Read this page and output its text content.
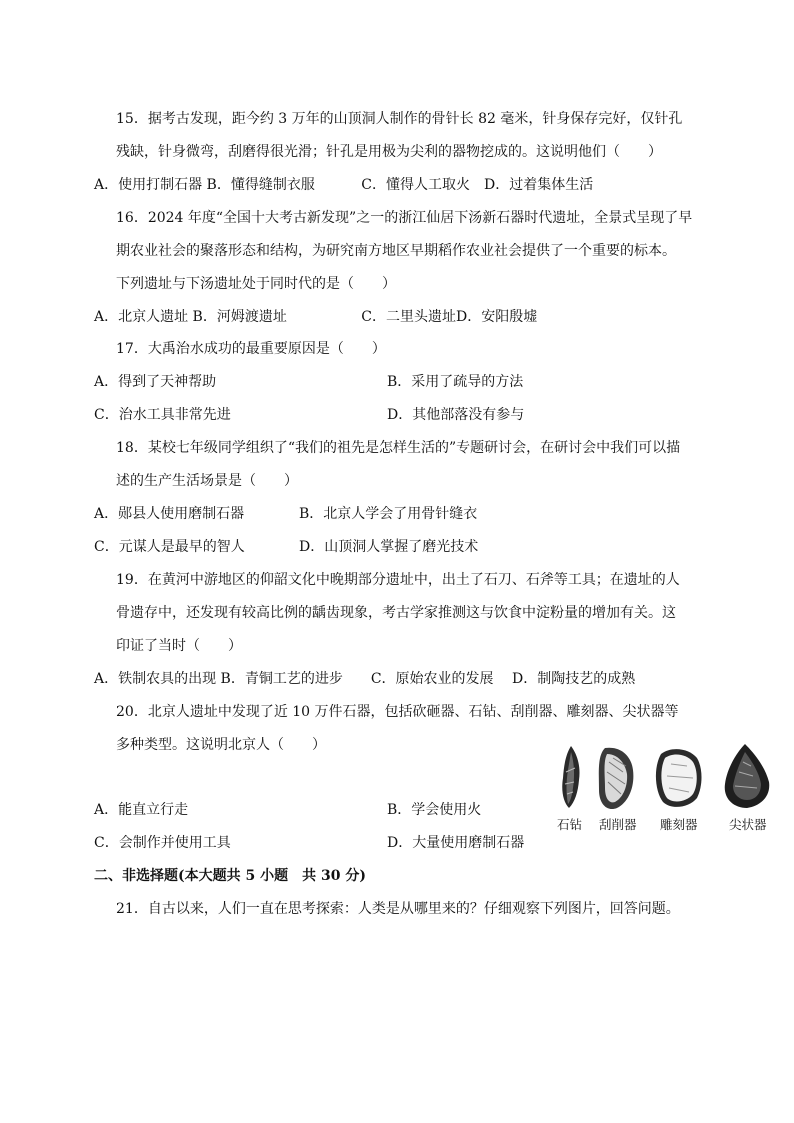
15．据考古发现，距今约 3 万年的山顶洞人制作的骨针长 82 毫米，针身保存完好，仅针孔
残缺，针身微弯，刮磨得很光滑；针孔是用极为尖利的器物挖成的。这说明他们（　　）
A．使用打制石器 B．懂得缝制衣服　　　 C．懂得人工取火　D．过着集体生活
16．2024 年度“全国十大考古新发现”之一的浙江仙居下汤新石器时代遗址，全景式呈现了早
期农业社会的聚落形态和结构，为研究南方地区早期稻作农业社会提供了一个重要的标本。
下列遗址与下汤遗址处于同时代的是（　　）
A．北京人遗址 B．河姆渡遗址　　　　　 C．二里头遗址D．安阳殷墟
17．大禹治水成功的最重要原因是（　　）
A．得到了天神帮助	B．采用了疏导的方法
C．治水工具非常先进	D．其他部落没有参与
18．某校七年级同学组织了“我们的祖先是怎样生活的”专题研讨会，在研讨会中我们可以描
述的生产生活场景是（　　）
A．郧县人使用磨制石器	B．北京人学会了用骨针缝衣
C．元谋人是最早的智人	D．山顶洞人掌握了磨光技术
19．在黄河中游地区的仰韶文化中晚期部分遗址中，出土了石刀、石斧等工具；在遗址的人
骨遗存中，还发现有较高比例的龋齿现象，考古学家推测这与饮食中淀粉量的增加有关。这
印证了当时（　　）
A．铁制农具的出现 B．青铜工艺的进步　　C．原始农业的发展　 D．制陶技艺的成熟
20．北京人遗址中发现了近 10 万件石器，包括砍砸器、石钻、刮削器、雕刻器、尖状器等
多种类型。这说明北京人（　　）
石钻 刮削器 雕刻器	尖状器
A．能直立行走	B．学会使用火
C．会制作并使用工具	D．大量使用磨制石器
二、非选择题(本大题共 5 小题　共 30 分)
21．自古以来，人们一直在思考探索：人类是从哪里来的？仔细观察下列图片，回答问题。
